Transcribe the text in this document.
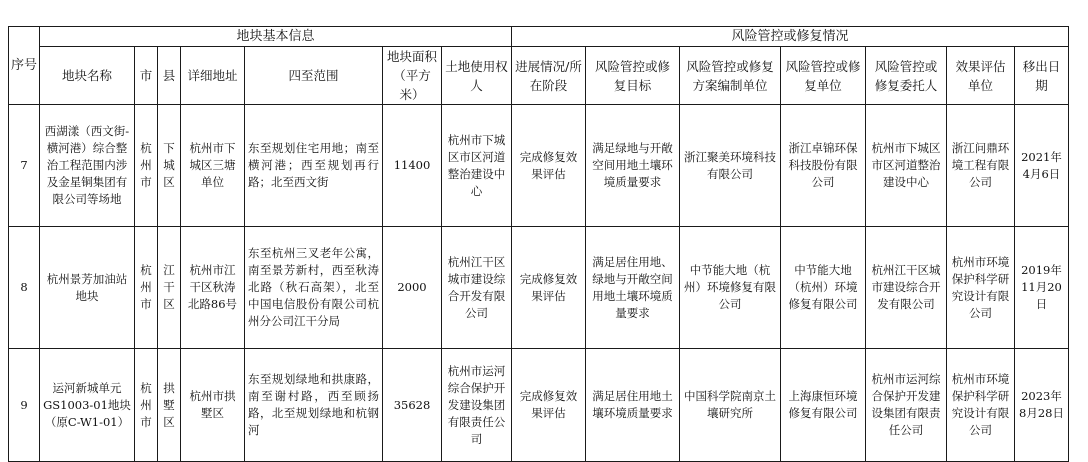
序号	地块基本信息							风险管控或修复情况						
	地块名称	市	县	详细地址	四至范围	地块面积（平方米）	土地使用权人	进展情况/所在阶段	风险管控或修复目标	风险管控或修复方案编制单位	风险管控或修复单位	风险管控或修复委托人	效果评估单位	移出日期
7	西湖漾（西文街-横河港）综合整治工程范围内涉及金星铜集团有限公司等场地	杭州市	下城区	杭州市下城区三塘单位	东至规划住宅用地；南至横河港；西至规划再行路；北至西文街	11400	杭州市下城区市区河道整治建设中心	完成修复效果评估	满足绿地与开敞空间用地土壤环境质量要求	浙江聚美环境科技有限公司	浙江卓锦环保科技股份有限公司	杭州市下城区市区河道整治建设中心	浙江问鼎环境工程有限公司	2021年4月6日
8	杭州景芳加油站地块	杭州市	江干区	杭州市江干区秋涛北路86号	东至杭州三叉老年公寓，南至景芳新村，西至秋涛北路（秋石高架），北至中国电信股份有限公司杭州分公司江干分局	2000	杭州江干区城市建设综合开发有限公司	完成修复效果评估	满足居住用地、绿地与开敞空间用地土壤环境质量要求	中节能大地（杭州）环境修复有限公司	中节能大地（杭州）环境修复有限公司	杭州江干区城市建设综合开发有限公司	杭州市环境保护科学研究设计有限公司	2019年11月20日
9	运河新城单元GS1003-01地块（原C-W1-01）	杭州市	拱墅区	杭州市拱墅区	东至规划绿地和拱康路，南至谢村路，西至顾扬路，北至规划绿地和杭钢河	35628	杭州市运河综合保护开发建设集团有限责任公司	完成修复效果评估	满足居住用地土壤环境质量要求	中国科学院南京土壤研究所	上海康恒环境修复有限公司	杭州市运河综合保护开发建设集团有限责任公司	杭州市环境保护科学研究设计有限公司	2023年8月28日
